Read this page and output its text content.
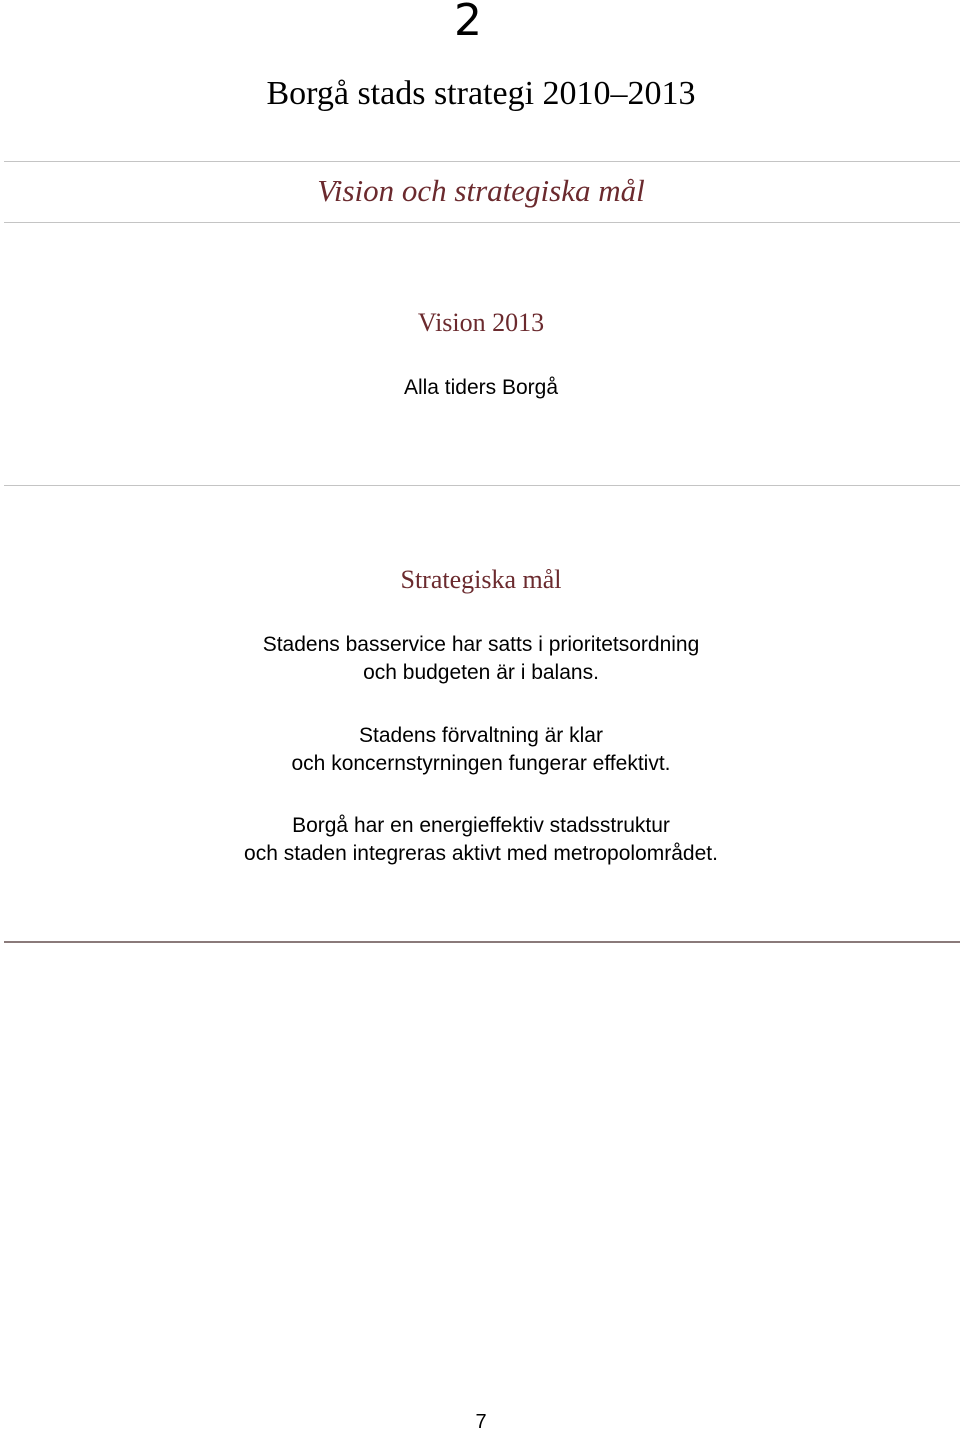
2
Borgå stads strategi 2010–2013
Vision och strategiska mål
Vision 2013
Alla tiders Borgå
Strategiska mål
Stadens basservice har satts i prioritetsordning
och budgeten är i balans.
Stadens förvaltning är klar
och koncernstyrningen fungerar effektivt.
Borgå har en energieffektiv stadsstruktur
och staden integreras aktivt med metropolområdet.
7
